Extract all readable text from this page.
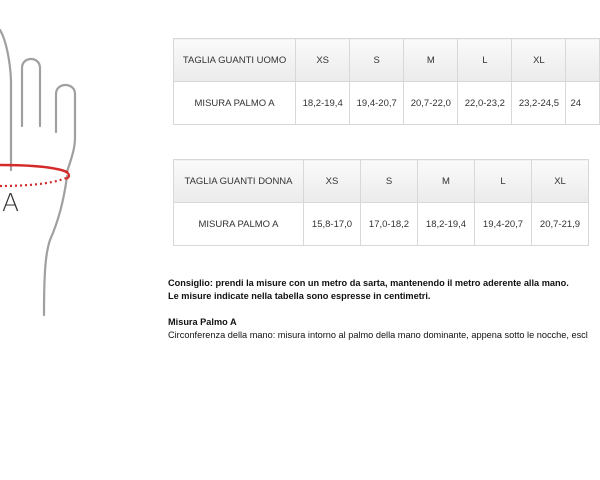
A
TAGLIA GUANTI UOMO	XS	S	M	L	XL	
MISURA PALMO A	18,2-19,4	19,4-20,7	20,7-22,0	22,0-23,2	23,2-24,5	24
TAGLIA GUANTI DONNA	XS	S	M	L	XL
MISURA PALMO A	15,8-17,0	17,0-18,2	18,2-19,4	19,4-20,7	20,7-21,9
Consiglio: prendi la misure con un metro da sarta, mantenendo il metro aderente alla mano.
Le misure indicate nella tabella sono espresse in centimetri.
Misura Palmo A
Circonferenza della mano: misura intorno al palmo della mano dominante, appena sotto le nocche, escl
